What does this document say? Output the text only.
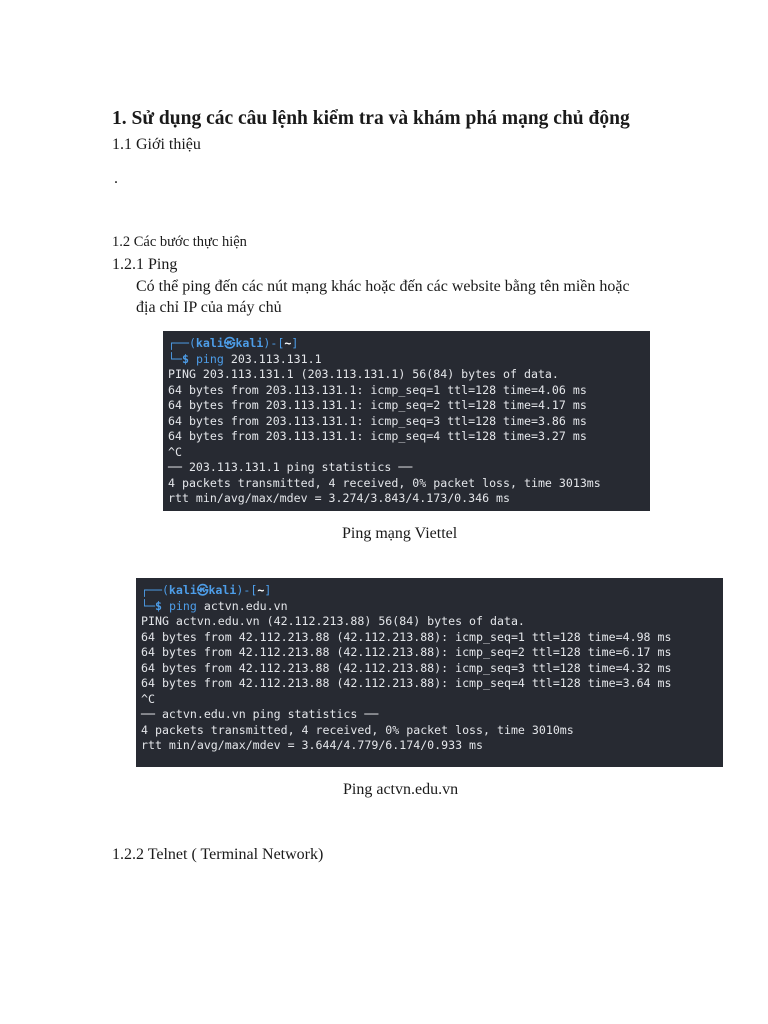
1. Sử dụng các câu lệnh kiểm tra và khám phá mạng chủ động
1.1 Giới thiệu
.
1.2 Các bước thực hiện
1.2.1 Ping
Có thể ping đến các nút mạng khác hoặc đến các website bằng tên miền hoặc
địa chỉ IP của máy chủ
┌──(kali㉿kali)-[~]
└─$ ping 203.113.131.1
PING 203.113.131.1 (203.113.131.1) 56(84) bytes of data.
64 bytes from 203.113.131.1: icmp_seq=1 ttl=128 time=4.06 ms
64 bytes from 203.113.131.1: icmp_seq=2 ttl=128 time=4.17 ms
64 bytes from 203.113.131.1: icmp_seq=3 ttl=128 time=3.86 ms
64 bytes from 203.113.131.1: icmp_seq=4 ttl=128 time=3.27 ms
^C
── 203.113.131.1 ping statistics ──
4 packets transmitted, 4 received, 0% packet loss, time 3013ms
rtt min/avg/max/mdev = 3.274/3.843/4.173/0.346 ms
Ping mạng Viettel
┌──(kali㉿kali)-[~]
└─$ ping actvn.edu.vn
PING actvn.edu.vn (42.112.213.88) 56(84) bytes of data.
64 bytes from 42.112.213.88 (42.112.213.88): icmp_seq=1 ttl=128 time=4.98 ms
64 bytes from 42.112.213.88 (42.112.213.88): icmp_seq=2 ttl=128 time=6.17 ms
64 bytes from 42.112.213.88 (42.112.213.88): icmp_seq=3 ttl=128 time=4.32 ms
64 bytes from 42.112.213.88 (42.112.213.88): icmp_seq=4 ttl=128 time=3.64 ms
^C
── actvn.edu.vn ping statistics ──
4 packets transmitted, 4 received, 0% packet loss, time 3010ms
rtt min/avg/max/mdev = 3.644/4.779/6.174/0.933 ms
Ping actvn.edu.vn
1.2.2 Telnet ( Terminal Network)
